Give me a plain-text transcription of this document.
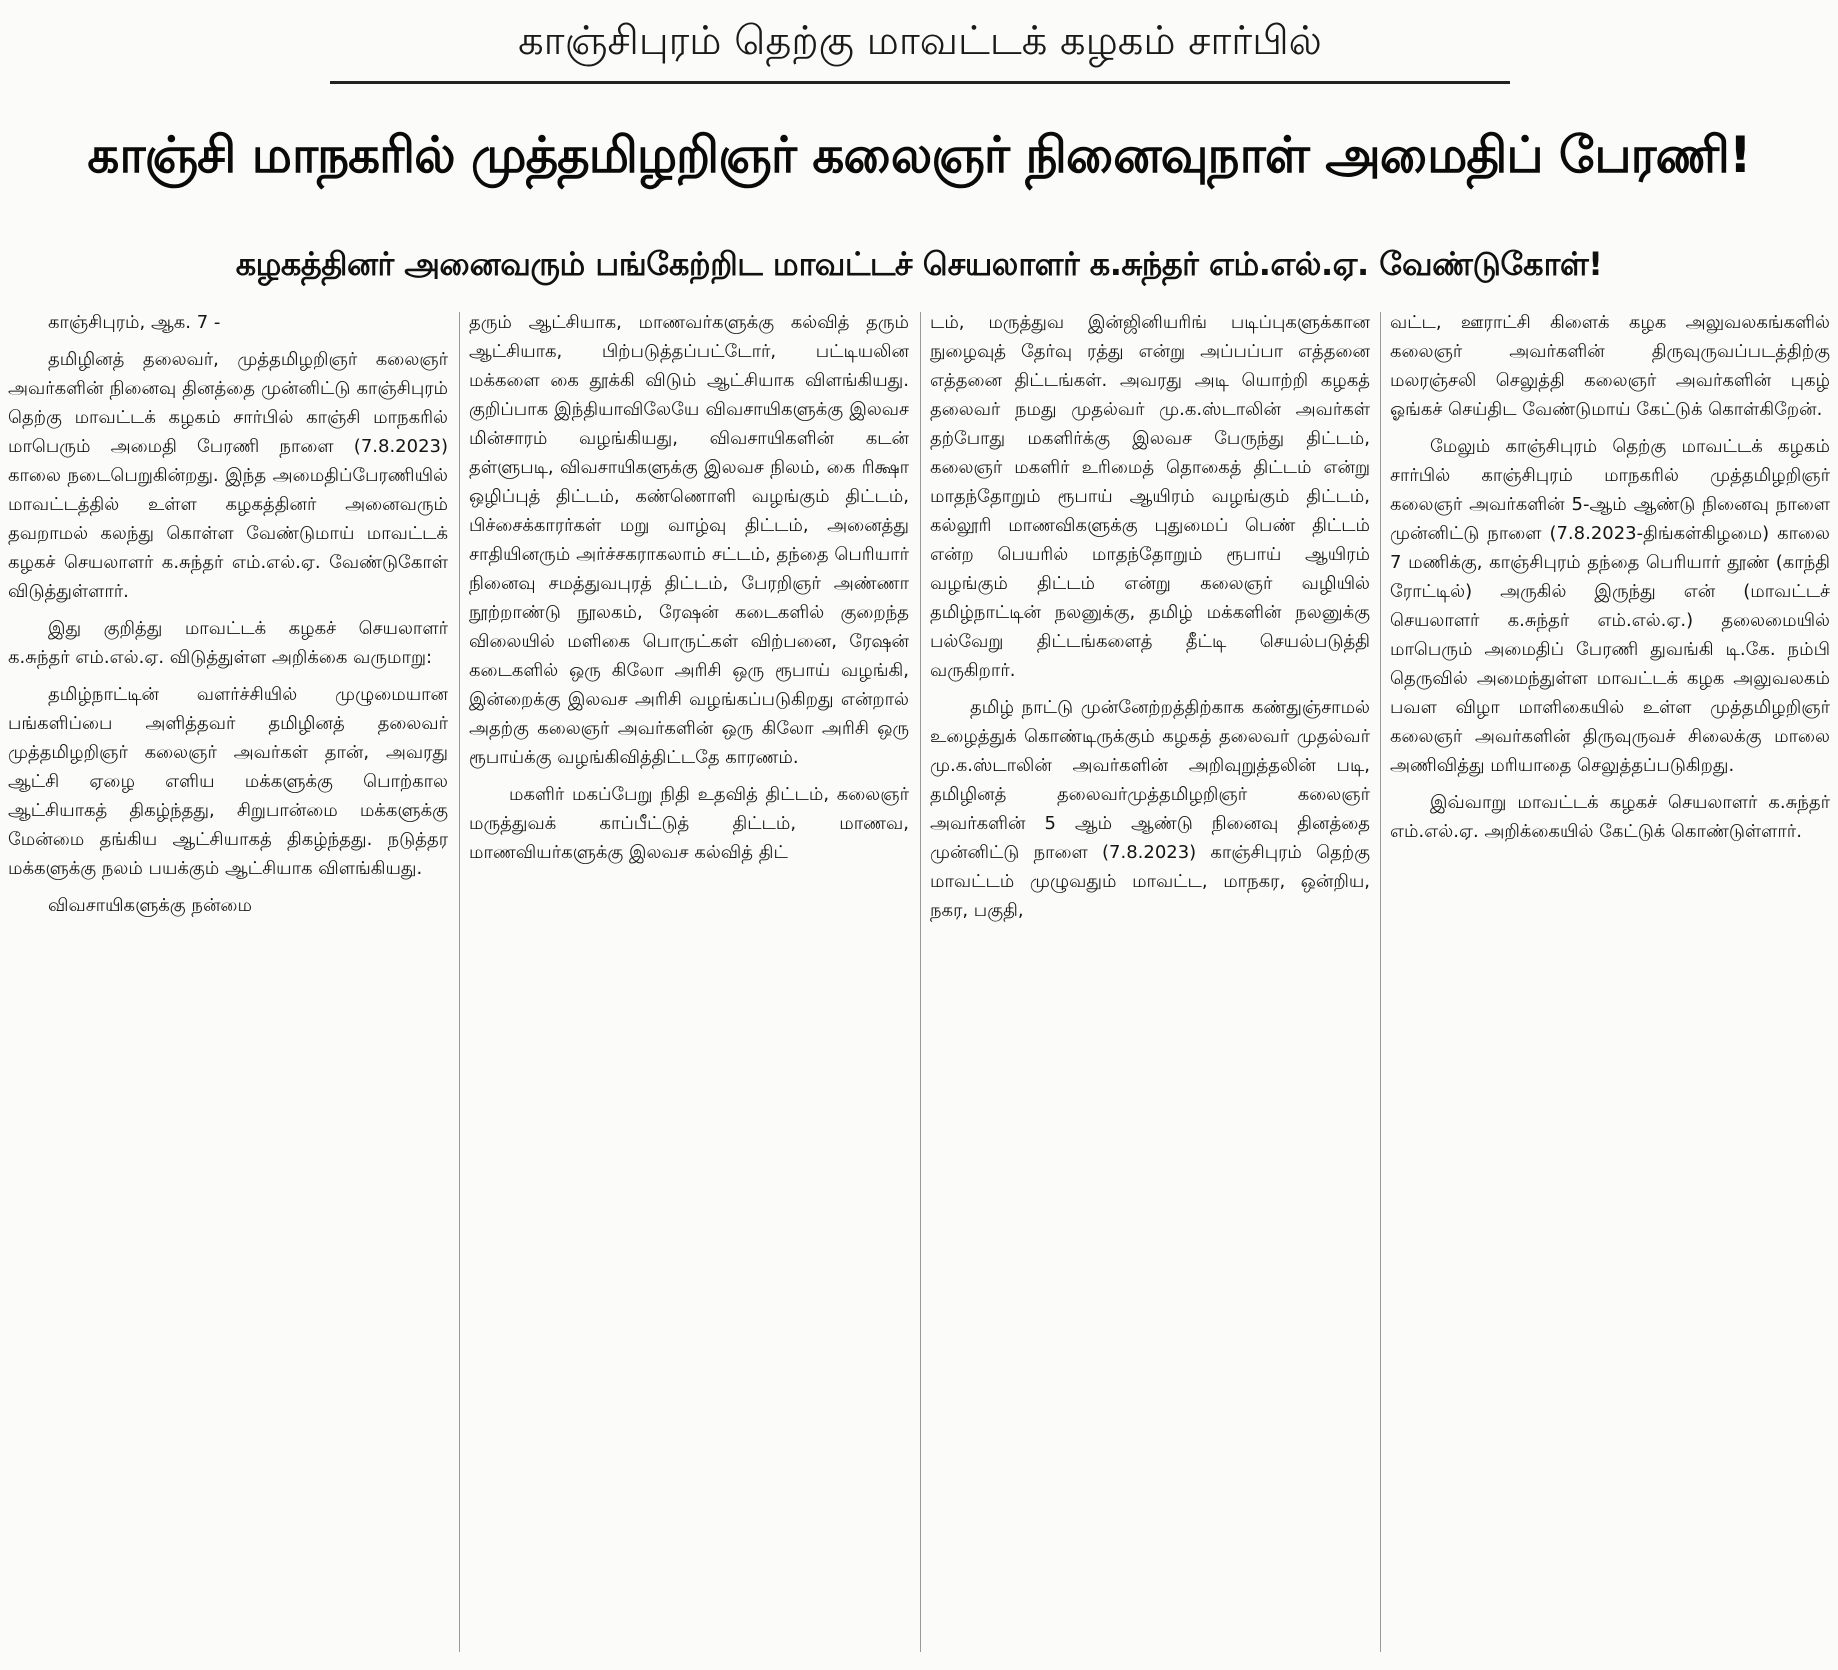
காஞ்சிபுரம் தெற்கு மாவட்டக் கழகம் சார்பில்
காஞ்சி மாநகரில் முத்தமிழறிஞர் கலைஞர் நினைவுநாள் அமைதிப் பேரணி!
கழகத்தினர் அனைவரும் பங்கேற்றிட மாவட்டச் செயலாளர் க.சுந்தர் எம்.எல்.ஏ. வேண்டுகோள்!

காஞ்சிபுரம், ஆக. 7 -

தமிழினத் தலைவர், முத்தமிழறிஞர் கலைஞர் அவர்களின் நினைவு தினத்தை முன்னிட்டு காஞ்சிபுரம் தெற்கு மாவட்டக் கழகம் சார்பில் காஞ்சி மாநகரில் மாபெரும் அமைதி பேரணி நாளை (7.8.2023) காலை நடைபெறுகின்றது. இந்த அமைதிப்பேரணியில் மாவட்டத்தில் உள்ள கழகத்தினர் அனைவரும் தவறாமல் கலந்து கொள்ள வேண்டுமாய் மாவட்டக் கழகச் செயலாளர் க.சுந்தர் எம்.எல்.ஏ. வேண்டுகோள் விடுத்துள்ளார்.

இது குறித்து மாவட்டக் கழகச் செயலாளர் க.சுந்தர் எம்.எல்.ஏ. விடுத்துள்ள அறிக்கை வருமாறு:

தமிழ்நாட்டின் வளர்ச்சியில் முழுமையான பங்களிப்பை அளித்தவர் தமிழினத் தலைவர் முத்தமிழறிஞர் கலைஞர் அவர்கள் தான், அவரது ஆட்சி ஏழை எளிய மக்களுக்கு பொற்கால ஆட்சியாகத் திகழ்ந்தது, சிறுபான்மை மக்களுக்கு மேன்மை தங்கிய ஆட்சியாகத் திகழ்ந்தது. நடுத்தர மக்களுக்கு நலம் பயக்கும் ஆட்சியாக விளங்கியது.

விவசாயிகளுக்கு நன்மை

தரும் ஆட்சியாக, மாணவர்களுக்கு கல்வித் தரும் ஆட்சியாக, பிற்படுத்தப்பட்டோர், பட்டியலின மக்களை கை தூக்கி விடும் ஆட்சியாக விளங்கியது. குறிப்பாக இந்தியாவிலேயே விவசாயிகளுக்கு இலவச மின்சாரம் வழங்கியது, விவசாயிகளின் கடன் தள்ளுபடி, விவசாயிகளுக்கு இலவச நிலம், கை ரிக்ஷா ஒழிப்புத் திட்டம், கண்ணொளி வழங்கும் திட்டம், பிச்சைக்காரர்கள் மறு வாழ்வு திட்டம், அனைத்து சாதியினரும் அர்ச்சகராகலாம் சட்டம், தந்தை பெரியார் நினைவு சமத்துவபுரத் திட்டம், பேரறிஞர் அண்ணா நூற்றாண்டு நூலகம், ரேஷன் கடைகளில் குறைந்த விலையில் மளிகை பொருட்கள் விற்பனை, ரேஷன் கடைகளில் ஒரு கிலோ அரிசி ஒரு ரூபாய் வழங்கி, இன்றைக்கு இலவச அரிசி வழங்கப்படுகிறது என்றால் அதற்கு கலைஞர் அவர்களின் ஒரு கிலோ அரிசி ஒரு ரூபாய்க்கு வழங்கிவித்திட்டதே காரணம்.

மகளிர் மகப்பேறு நிதி உதவித் திட்டம், கலைஞர் மருத்துவக் காப்பீட்டுத் திட்டம், மாணவ, மாணவியர்களுக்கு இலவச கல்வித் திட்

டம், மருத்துவ இன்ஜினியரிங் படிப்புகளுக்கான நுழைவுத் தேர்வு ரத்து என்று அப்பப்பா எத்தனை எத்தனை திட்டங்கள். அவரது அடி யொற்றி கழகத் தலைவர் நமது முதல்வர் மு.க.ஸ்டாலின் அவர்கள் தற்போது மகளிர்க்கு இலவச பேருந்து திட்டம், கலைஞர் மகளிர் உரிமைத் தொகைத் திட்டம் என்று மாதந்தோறும் ரூபாய் ஆயிரம் வழங்கும் திட்டம், கல்லூரி மாணவிகளுக்கு புதுமைப் பெண் திட்டம் என்ற பெயரில் மாதந்தோறும் ரூபாய் ஆயிரம் வழங்கும் திட்டம் என்று கலைஞர் வழியில் தமிழ்நாட்டின் நலனுக்கு, தமிழ் மக்களின் நலனுக்கு பல்வேறு திட்டங்களைத் தீட்டி செயல்படுத்தி வருகிறார்.

தமிழ் நாட்டு முன்னேற்றத்திற்காக கண்துஞ்சாமல் உழைத்துக் கொண்டிருக்கும் கழகத் தலைவர் முதல்வர் மு.க.ஸ்டாலின் அவர்களின் அறிவுறுத்தலின் படி, தமிழினத் தலைவர்முத்தமிழறிஞர் கலைஞர் அவர்களின் 5 ஆம் ஆண்டு நினைவு தினத்தை முன்னிட்டு நாளை (7.8.2023) காஞ்சிபுரம் தெற்கு மாவட்டம் முழுவதும் மாவட்ட, மாநகர, ஒன்றிய, நகர, பகுதி,

வட்ட, ஊராட்சி கிளைக் கழக அலுவலகங்களில் கலைஞர் அவர்களின் திருவுருவப்படத்திற்கு மலரஞ்சலி செலுத்தி கலைஞர் அவர்களின் புகழ் ஓங்கச் செய்திட வேண்டுமாய் கேட்டுக் கொள்கிறேன்.

மேலும் காஞ்சிபுரம் தெற்கு மாவட்டக் கழகம் சார்பில் காஞ்சிபுரம் மாநகரில் முத்தமிழறிஞர் கலைஞர் அவர்களின் 5-ஆம் ஆண்டு நினைவு நாளை முன்னிட்டு நாளை (7.8.2023-திங்கள்கிழமை) காலை 7 மணிக்கு, காஞ்சிபுரம் தந்தை பெரியார் தூண் (காந்தி ரோட்டில்) அருகில் இருந்து என் (மாவட்டச் செயலாளர் க.சுந்தர் எம்.எல்.ஏ.) தலைமையில் மாபெரும் அமைதிப் பேரணி துவங்கி டி.கே. நம்பி தெருவில் அமைந்துள்ள மாவட்டக் கழக அலுவலகம் பவள விழா மாளிகையில் உள்ள முத்தமிழறிஞர் கலைஞர் அவர்களின் திருவுருவச் சிலைக்கு மாலை அணிவித்து மரியாதை செலுத்தப்படுகிறது.

இவ்வாறு மாவட்டக் கழகச் செயலாளர் க.சுந்தர் எம்.எல்.ஏ. அறிக்கையில் கேட்டுக் கொண்டுள்ளார்.
